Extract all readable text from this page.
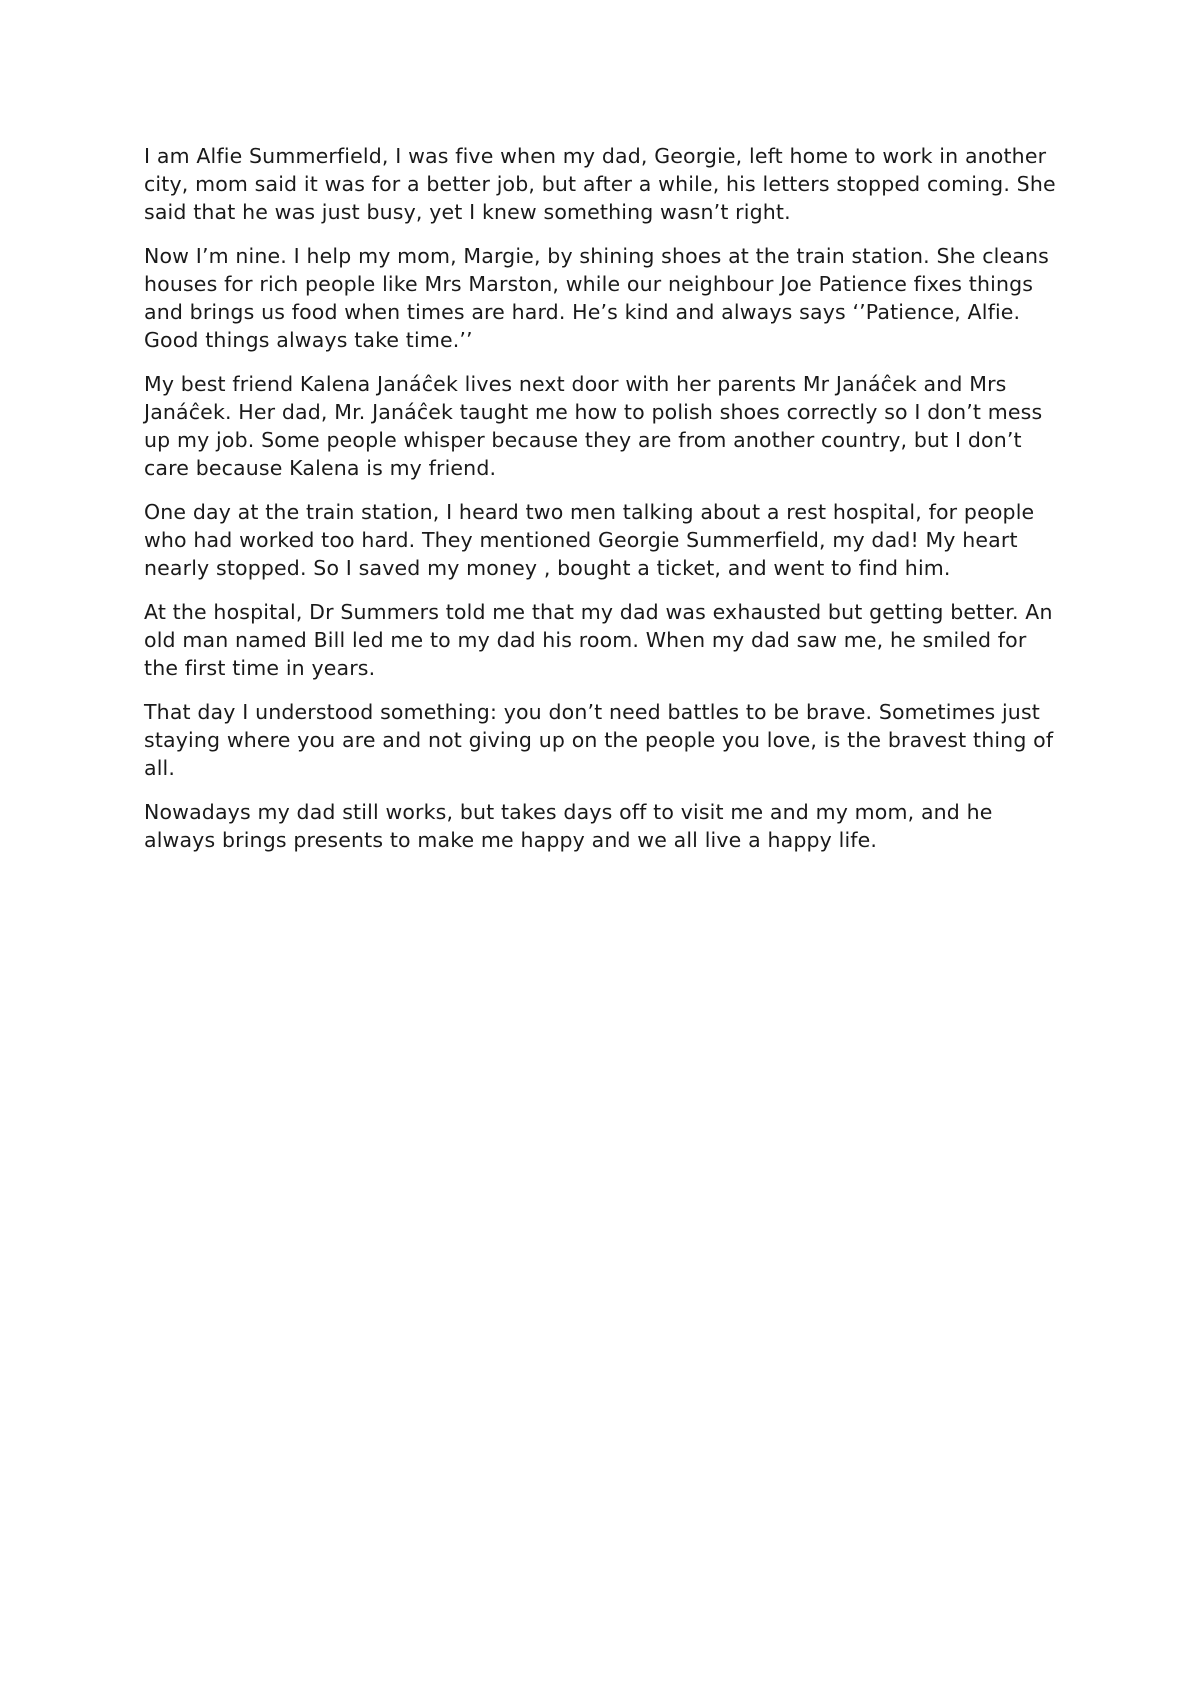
I am Alfie Summerfield, I was five when my dad, Georgie, left home to work in another city, mom said it was for a better job, but after a while, his letters stopped coming. She said that he was just busy, yet I knew something wasn’t right.

Now I’m nine. I help my mom, Margie, by shining shoes at the train station. She cleans houses for rich people like Mrs Marston, while our neighbour Joe Patience fixes things and brings us food when times are hard. He’s kind and always says ‘’Patience, Alfie. Good things always take time.’’

My best friend Kalena Janáĉek lives next door with her parents Mr Janáĉek and Mrs Janáĉek. Her dad, Mr. Janáĉek taught me how to polish shoes correctly so I don’t mess up my job. Some people whisper because they are from another country, but I don’t care because Kalena is my friend.

One day at the train station, I heard two men talking about a rest hospital, for people who had worked too hard. They mentioned Georgie Summerfield, my dad! My heart nearly stopped. So I saved my money , bought a ticket, and went to find him.

At the hospital, Dr Summers told me that my dad was exhausted but getting better. An old man named Bill led me to my dad his room. When my dad saw me, he smiled for the first time in years.

That day I understood something: you don’t need battles to be brave. Sometimes just staying where you are and not giving up on the people you love, is the bravest thing of all.

Nowadays my dad still works, but takes days off to visit me and my mom, and he always brings presents to make me happy and we all live a happy life.
